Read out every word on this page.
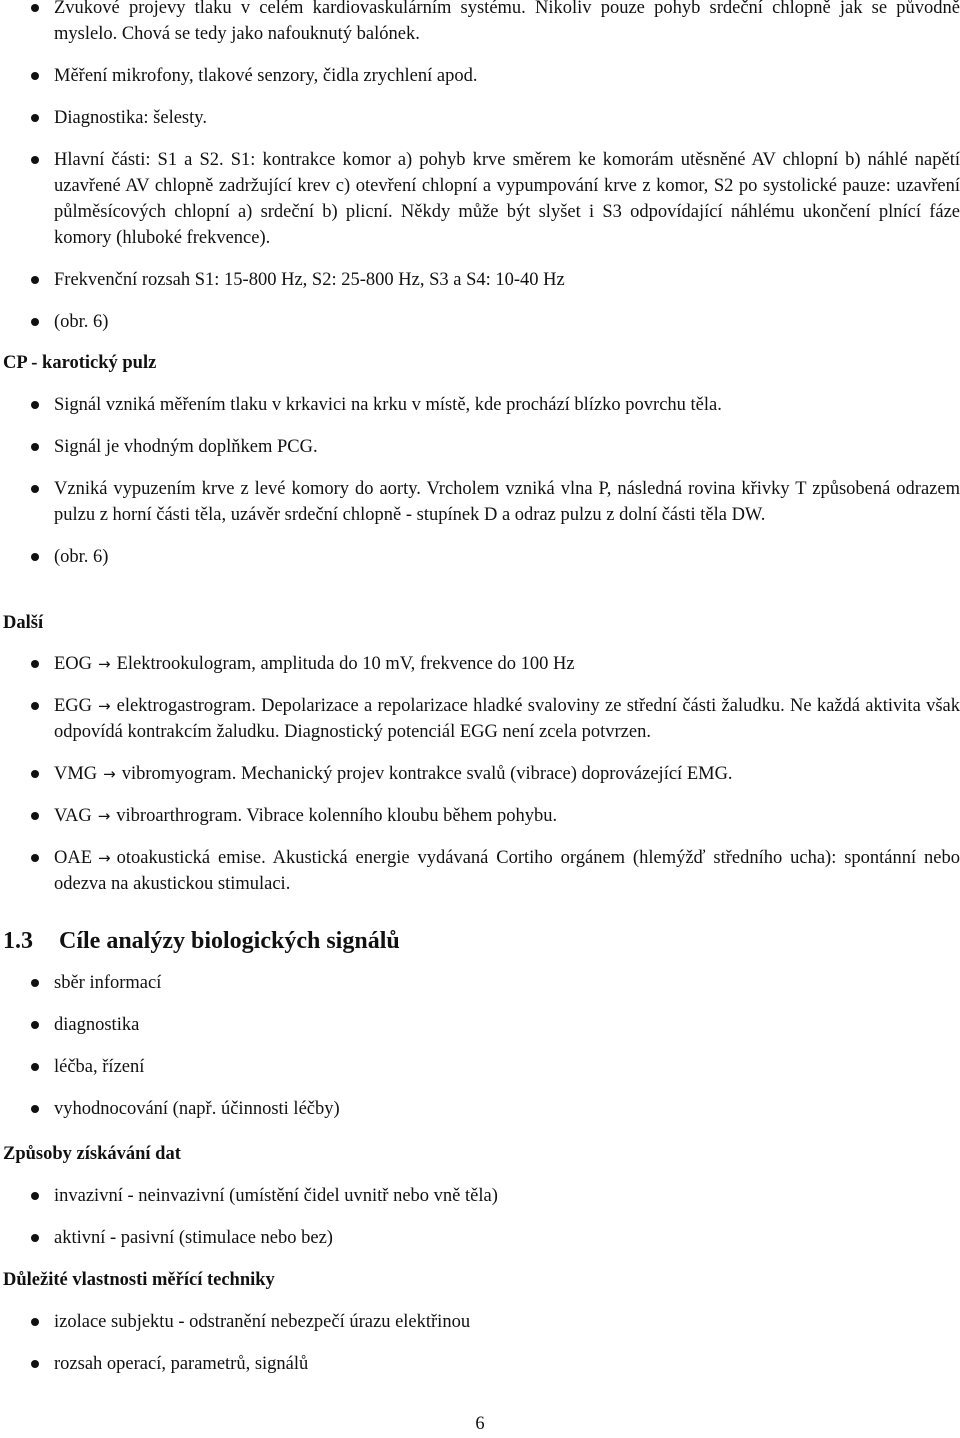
Zvukové projevy tlaku v celém kardiovaskulárním systému. Nikoliv pouze pohyb srdeční chlopně jak se původně myslelo. Chová se tedy jako nafouknutý balónek.
Měření mikrofony, tlakové senzory, čidla zrychlení apod.
Diagnostika: šelesty.
Hlavní části: S1 a S2. S1: kontrakce komor a) pohyb krve směrem ke komorám utěsněné AV chlopní b) náhlé napětí uzavřené AV chlopně zadržující krev c) otevření chlopní a vypumpování krve z komor, S2 po systolické pauze: uzavření půlměsícových chlopní a) srdeční b) plicní. Někdy může být slyšet i S3 odpovídající náhlému ukončení plnící fáze komory (hluboké frekvence).
Frekvenční rozsah S1: 15-800 Hz, S2: 25-800 Hz, S3 a S4: 10-40 Hz
(obr. 6)
CP - karotický pulz
Signál vzniká měřením tlaku v krkavici na krku v místě, kde prochází blízko povrchu těla.
Signál je vhodným doplňkem PCG.
Vzniká vypuzením krve z levé komory do aorty. Vrcholem vzniká vlna P, následná rovina křivky T způsobená odrazem pulzu z horní části těla, uzávěr srdeční chlopně - stupínek D a odraz pulzu z dolní části těla DW.
(obr. 6)
Další
EOG → Elektrookulogram, amplituda do 10 mV, frekvence do 100 Hz
EGG → elektrogastrogram. Depolarizace a repolarizace hladké svaloviny ze střední části žaludku. Ne každá aktivita však odpovídá kontrakcím žaludku. Diagnostický potenciál EGG není zcela potvrzen.
VMG → vibromyogram. Mechanický projev kontrakce svalů (vibrace) doprovázející EMG.
VAG → vibroarthrogram. Vibrace kolenního kloubu během pohybu.
OAE → otoakustická emise. Akustická energie vydávaná Cortiho orgánem (hlemýžď středního ucha): spontánní nebo odezva na akustickou stimulaci.
1.3 Cíle analýzy biologických signálů
sběr informací
diagnostika
léčba, řízení
vyhodnocování (např. účinnosti léčby)
Způsoby získávání dat
invazivní - neinvazivní (umístění čidel uvnitř nebo vně těla)
aktivní - pasivní (stimulace nebo bez)
Důležité vlastnosti měřící techniky
izolace subjektu - odstranění nebezpečí úrazu elektřinou
rozsah operací, parametrů, signálů
6
